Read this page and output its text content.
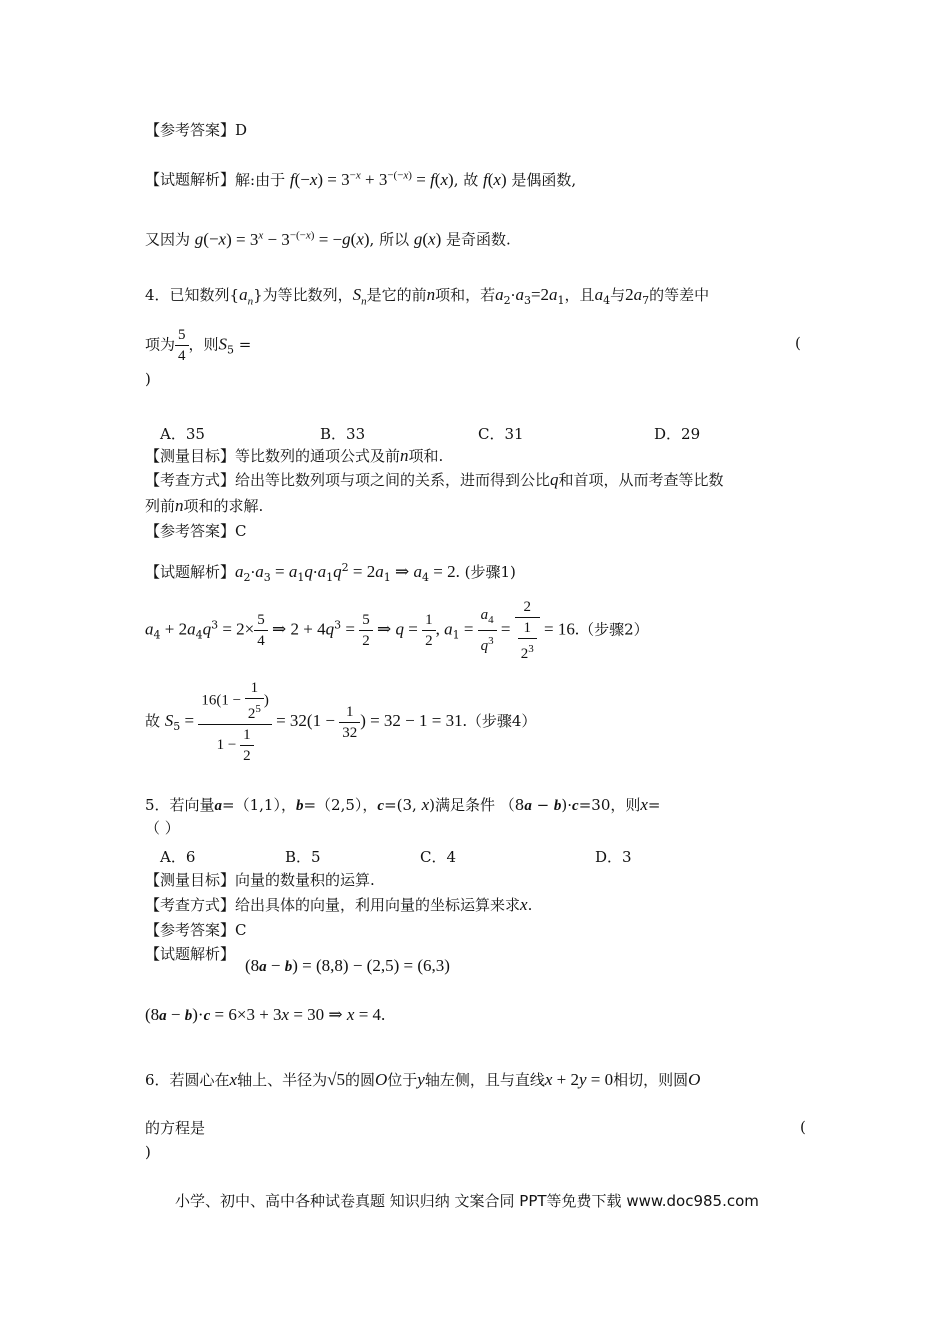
【参考答案】D
【试题解析】解:由于 $f(-x) = 3^{-x} + 3^{-(-x)} = f(x)$, 故 f(x) 是偶函数,
又因为 $g(-x) = 3^x - 3^{-(-x)} = -g(x)$, 所以 g(x) 是奇函数.
4．已知数列$\{a_n\}$为等比数列，$S_n$是它的前n项和，若$a_2\cdot a_3=2a_1$，且$a_4$与$2a_7$的等差中
项为 $\frac{5}{4}$ ，则$S_5$ =	(
)
A．35	B．33	C．31	D．29
【测量目标】等比数列的通项公式及前n项和.
【考查方式】给出等比数列项与项之间的关系，进而得到公比q和首项，从而考查等比数
列前n项和的求解.
【参考答案】C
【试题解析】$a_2\cdot a_3 = a_1q\cdot a_1q^2 = 2a_1$ ⇒ $a_4 = 2$. (步骤1)
$a_4 + 2a_4q^3 = 2\times \frac{5}{4}$ ⇒ $2 + 4q^3 = \frac{5}{2}$ ⇒ $q = \frac{1}{2}$ , $a_1 = \frac{a_4}{q^3} = \frac{2}{\frac{1}{2^3}} = 16$.（步骤2）
故 $S_5 = \frac{16(1 - \frac{1}{2^5} )}{1 - \frac{1}{2}} = 32(1 - \frac{1}{32}$ ) = 32 − 1 = 31.（步骤4）
5．若向量a=（1,1），b=（2,5），c=(3, x)满足条件 （8a − b)·c=30，则x=
（ ）
A．6	B．5	C．4	D．3
【测量目标】向量的数量积的运算.
【考查方式】给出具体的向量，利用向量的坐标运算来求x.
【参考答案】C
【试题解析】
(8a − b) = (8,8) − (2,5) = (6,3)
(8a − b)·c = 6×3 + 3x = 30 ⇒ x = 4.
6．若圆心在x轴上、半径为√5的圆O位于y轴左侧，且与直线x + 2y = 0相切，则圆O
的方程是	(
)
小学、初中、高中各种试卷真题 知识归纳 文案合同 PPT等免费下载 www.doc985.com
